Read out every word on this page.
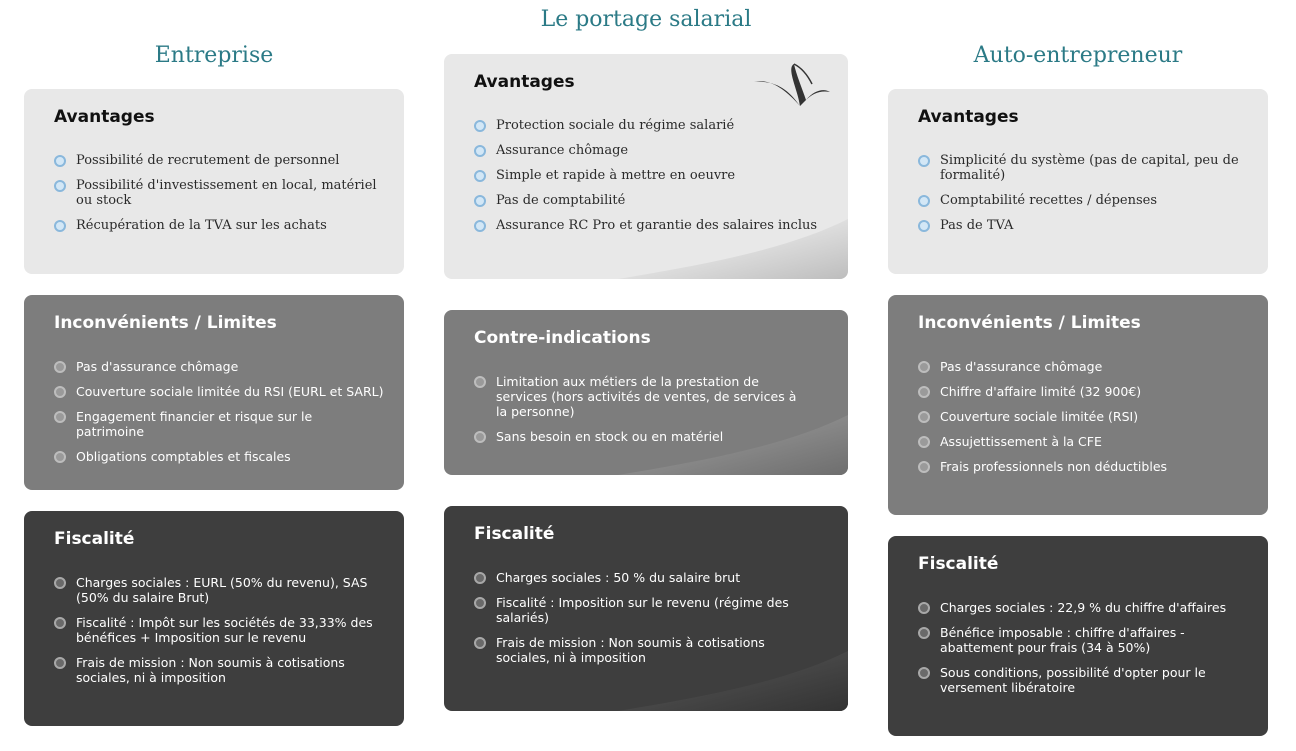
Le portage salarial
Entreprise	Auto-entrepreneur
Avantages
Possibilité de recrutement de personnel
Possibilité d'investissement en local, matériel ou stock
Récupération de la TVA sur les achats
Inconvénients / Limites
Pas d'assurance chômage
Couverture sociale limitée du RSI (EURL et SARL)
Engagement financier et risque sur le patrimoine
Obligations comptables et fiscales
Fiscalité
Charges sociales : EURL (50% du revenu), SAS (50% du salaire Brut)
Fiscalité : Impôt sur les sociétés de 33,33% des bénéfices + Imposition sur le revenu
Frais de mission : Non soumis à cotisations sociales, ni à imposition
Avantages
Protection sociale du régime salarié
Assurance chômage
Simple et rapide à mettre en oeuvre
Pas de comptabilité
Assurance RC Pro et garantie des salaires inclus
Contre-indications
Limitation aux métiers de la prestation de services (hors activités de ventes, de services à la personne)
Sans besoin en stock ou en matériel
Fiscalité
Charges sociales : 50 % du salaire brut
Fiscalité : Imposition sur le revenu (régime des salariés)
Frais de mission : Non soumis à cotisations sociales, ni à imposition
Avantages
Simplicité du système (pas de capital, peu de formalité)
Comptabilité recettes / dépenses
Pas de TVA
Inconvénients / Limites
Pas d'assurance chômage
Chiffre d'affaire limité (32 900€)
Couverture sociale limitée (RSI)
Assujettissement à la CFE
Frais professionnels non déductibles
Fiscalité
Charges sociales : 22,9 % du chiffre d'affaires
Bénéfice imposable : chiffre d'affaires - abattement pour frais (34 à 50%)
Sous conditions, possibilité d'opter pour le versement libératoire
